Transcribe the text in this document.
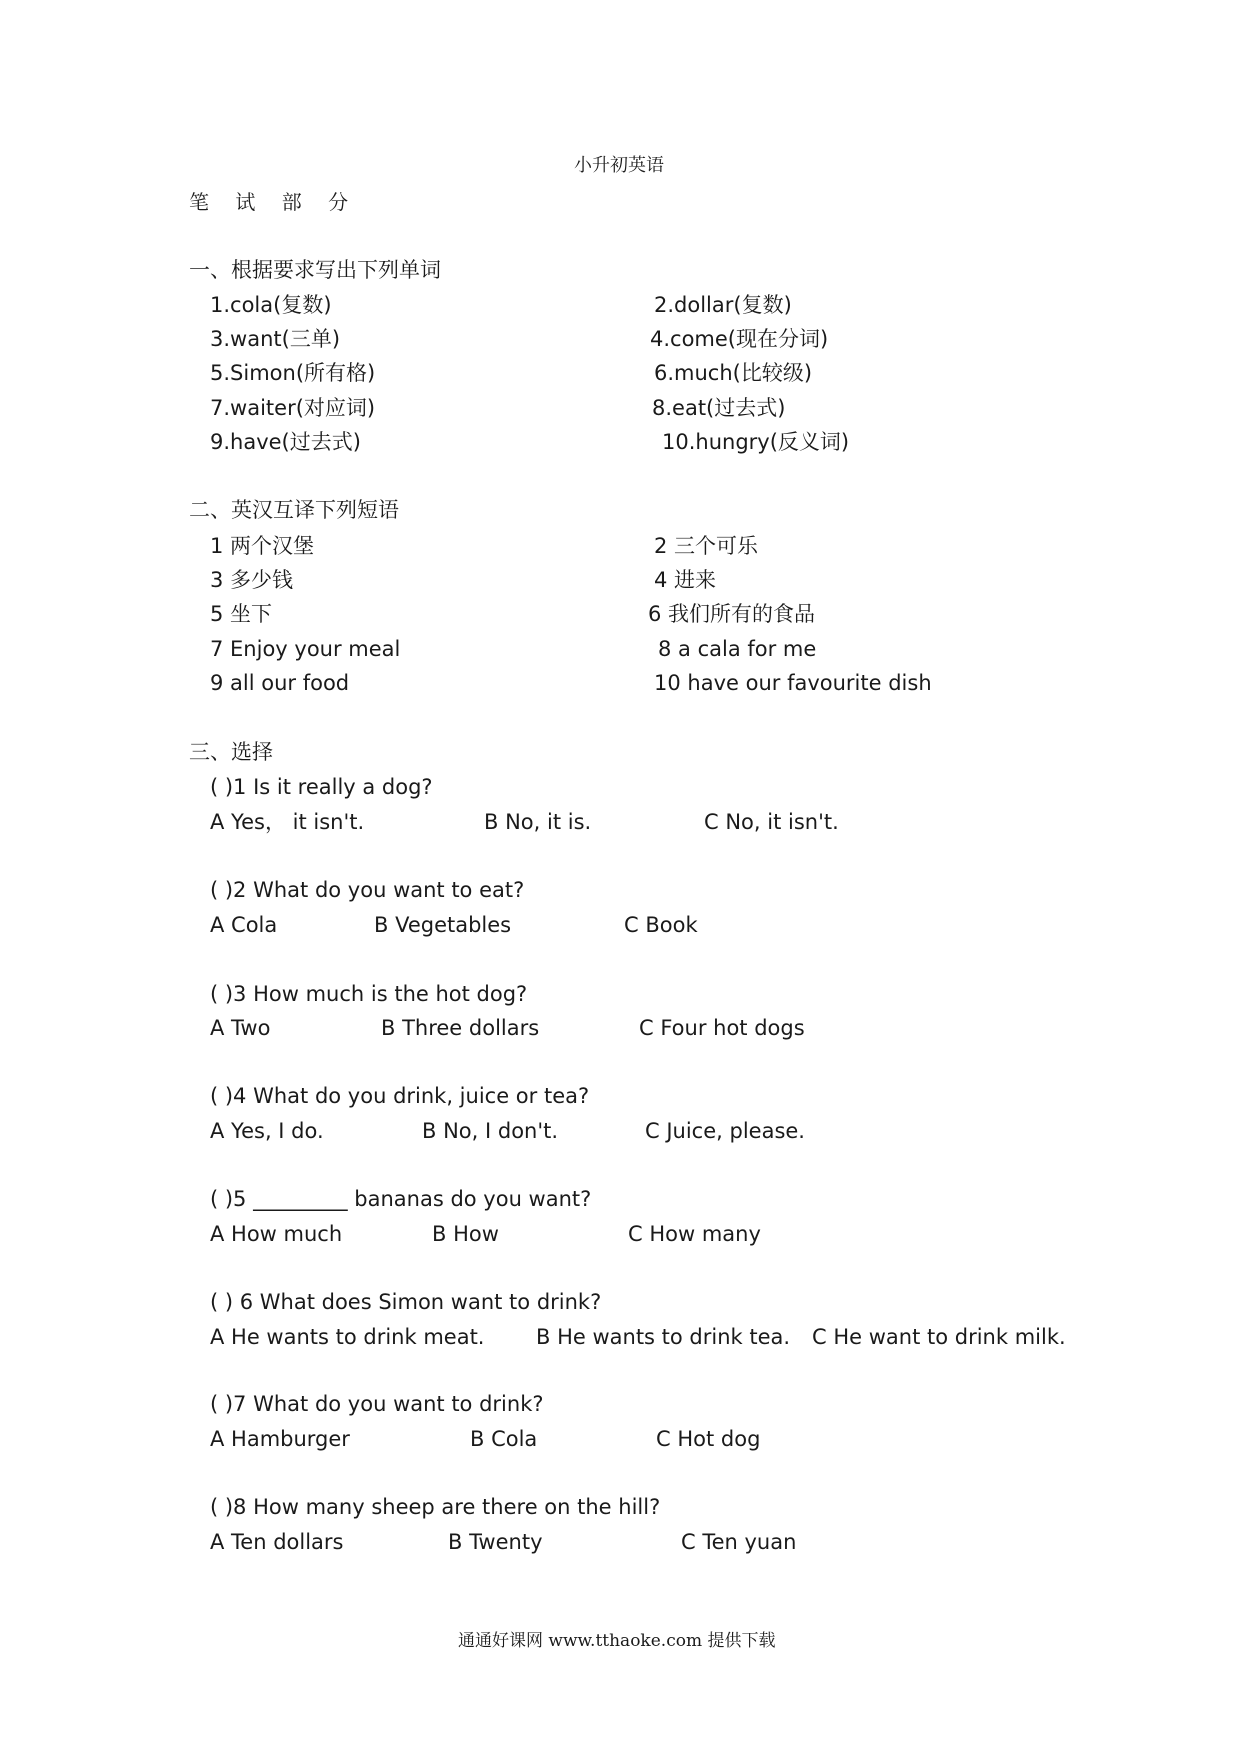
小升初英语
笔 试 部 分
一、根据要求写出下列单词
1.cola(复数)	2.dollar(复数)
3.want(三单)	4.come(现在分词)
5.Simon(所有格)	6.much(比较级)
7.waiter(对应词)	8.eat(过去式)
9.have(过去式)	10.hungry(反义词)
二、英汉互译下列短语
1 两个汉堡	2 三个可乐
3 多少钱	4 进来
5 坐下	6 我们所有的食品
7 Enjoy your meal	8 a cala for me
9 all our food	10 have our favourite dish
三、选择
( )1 Is it really a dog?
A Yes， it isn't.	B No, it is.	C No, it isn't.
( )2 What do you want to eat?
A Cola	B Vegetables	C Book
( )3 How much is the hot dog?
A Two	B Three dollars	C Four hot dogs
( )4 What do you drink, juice or tea?
A Yes, I do.	B No, I don't.	C Juice, please.
( )5 _________ bananas do you want?
A How much	B How	C How many
( ) 6 What does Simon want to drink?
A He wants to drink meat. B He wants to drink tea. C He want to drink milk.
( )7 What do you want to drink?
A Hamburger	B Cola	C Hot dog
( )8 How many sheep are there on the hill?
A Ten dollars	B Twenty	C Ten yuan
通通好课网 www.tthaoke.com 提供下载
